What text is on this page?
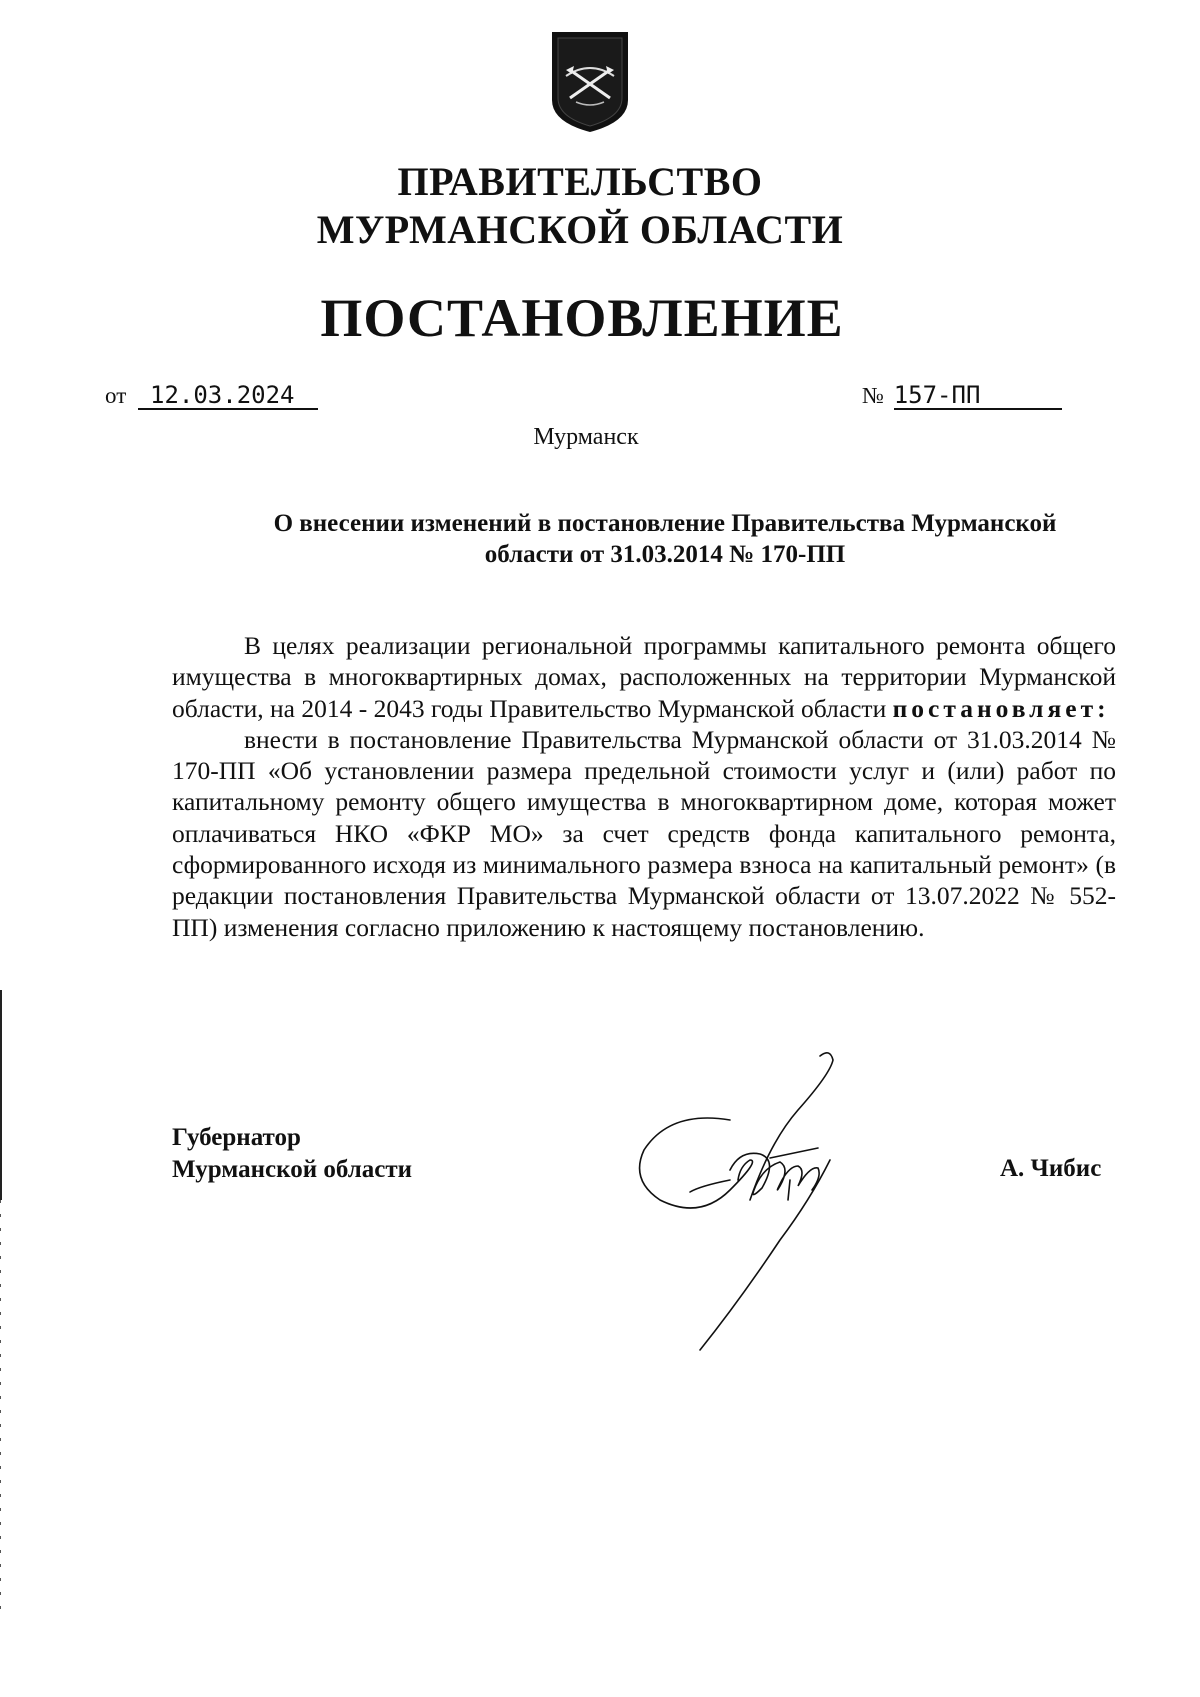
ПРАВИТЕЛЬСТВО
МУРМАНСКОЙ ОБЛАСТИ
ПОСТАНОВЛЕНИЕ
от 12.03.2024	№ 157-ПП
Мурманск
О внесении изменений в постановление Правительства Мурманской
области от 31.03.2014 № 170-ПП

В целях реализации региональной программы капитального ремонта общего имущества в многоквартирных домах, расположенных на территории Мурманской области, на 2014 - 2043 годы Правительство Мурманской области постановляет:

внести в постановление Правительства Мурманской области от 31.03.2014 № 170-ПП «Об установлении размера предельной стоимости услуг и (или) работ по капитальному ремонту общего имущества в многоквартирном доме, которая может оплачиваться НКО «ФКР МО» за счет средств фонда капитального ремонта, сформированного исходя из минимального размера взноса на капитальный ремонт» (в редакции постановления Правительства Мурманской области от 13.07.2022 № 552-ПП) изменения согласно приложению к настоящему постановлению.

Губернатор
Мурманской области	А. Чибис
